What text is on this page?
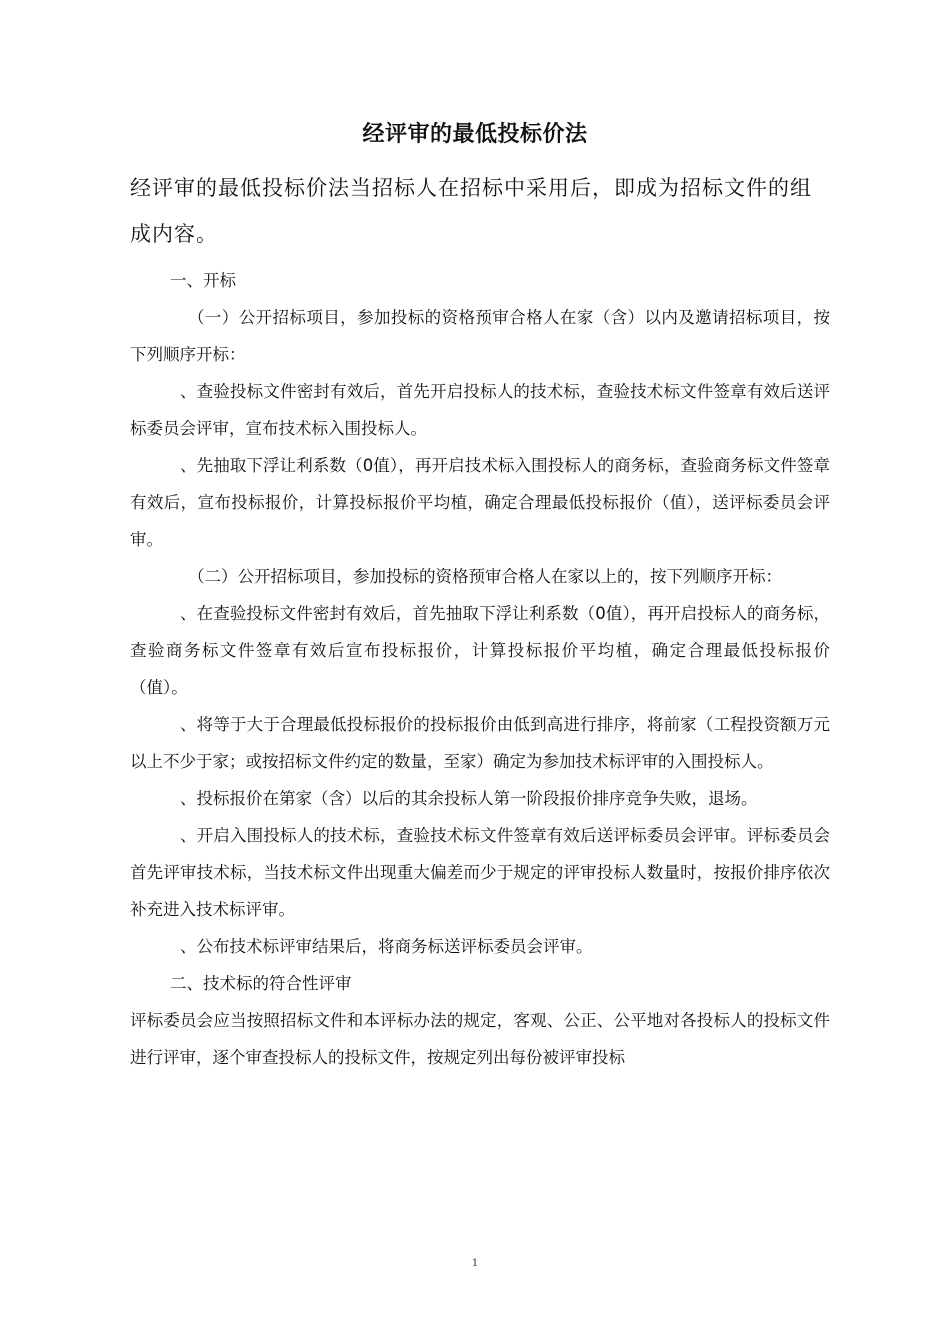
经评审的最低投标价法
经评审的最低投标价法当招标人在招标中采用后，即成为招标文件的组成内容。

一、开标

（一）公开招标项目，参加投标的资格预审合格人在家（含）以内及邀请招标项目，按下列顺序开标：

、查验投标文件密封有效后，首先开启投标人的技术标，查验技术标文件签章有效后送评标委员会评审，宣布技术标入围投标人。

、先抽取下浮让利系数（0值），再开启技术标入围投标人的商务标，查验商务标文件签章有效后，宣布投标报价，计算投标报价平均植，确定合理最低投标报价（值），送评标委员会评审。

（二）公开招标项目，参加投标的资格预审合格人在家以上的，按下列顺序开标：

、在查验投标文件密封有效后，首先抽取下浮让利系数（0值），再开启投标人的商务标，查验商务标文件签章有效后宣布投标报价，计算投标报价平均植，确定合理最低投标报价（值）。

、将等于大于合理最低投标报价的投标报价由低到高进行排序，将前家（工程投资额万元以上不少于家；或按招标文件约定的数量，至家）确定为参加技术标评审的入围投标人。

、投标报价在第家（含）以后的其余投标人第一阶段报价排序竞争失败，退场。

、开启入围投标人的技术标，查验技术标文件签章有效后送评标委员会评审。评标委员会首先评审技术标，当技术标文件出现重大偏差而少于规定的评审投标人数量时，按报价排序依次补充进入技术标评审。

、公布技术标评审结果后，将商务标送评标委员会评审。

二、技术标的符合性评审

评标委员会应当按照招标文件和本评标办法的规定，客观、公正、公平地对各投标人的投标文件进行评审，逐个审查投标人的投标文件，按规定列出每份被评审投标

1
